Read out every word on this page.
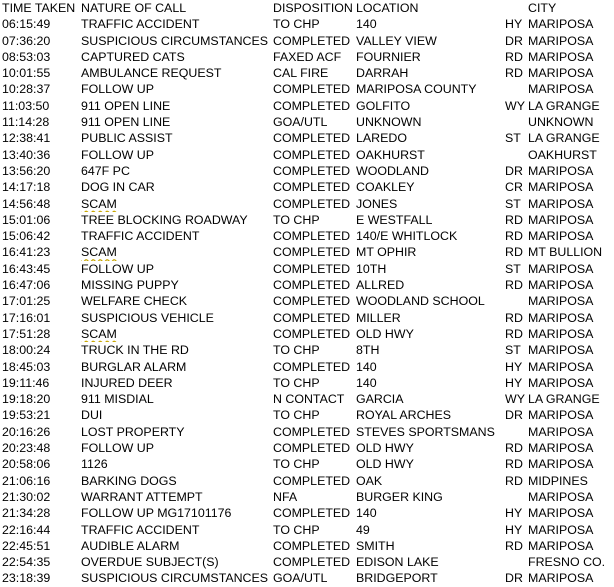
TIME TAKEN	NATURE OF CALL	DISPOSITION	LOCATION		CITY
06:15:49	TRAFFIC ACCIDENT	TO CHP	140	HY	MARIPOSA
07:36:20	SUSPICIOUS CIRCUMSTANCES	COMPLETED	VALLEY VIEW	DR	MARIPOSA
08:53:03	CAPTURED CATS	FAXED ACF	FOURNIER	RD	MARIPOSA
10:01:55	AMBULANCE REQUEST	CAL FIRE	DARRAH	RD	MARIPOSA
10:28:37	FOLLOW UP	COMPLETED	MARIPOSA COUNTY		MARIPOSA
11:03:50	911 OPEN LINE	COMPLETED	GOLFITO	WY	LA GRANGE
11:14:28	911 OPEN LINE	GOA/UTL	UNKNOWN		UNKNOWN
12:38:41	PUBLIC ASSIST	COMPLETED	LAREDO	ST	LA GRANGE
13:40:36	FOLLOW UP	COMPLETED	OAKHURST		OAKHURST
13:56:20	647F PC	COMPLETED	WOODLAND	DR	MARIPOSA
14:17:18	DOG IN CAR	COMPLETED	COAKLEY	CR	MARIPOSA
14:56:48	SCAM	COMPLETED	JONES	ST	MARIPOSA
15:01:06	TREE BLOCKING ROADWAY	TO CHP	E WESTFALL	RD	MARIPOSA
15:06:42	TRAFFIC ACCIDENT	COMPLETED	140/E WHITLOCK	RD	MARIPOSA
16:41:23	SCAM	COMPLETED	MT OPHIR	RD	MT BULLION
16:43:45	FOLLOW UP	COMPLETED	10TH	ST	MARIPOSA
16:47:06	MISSING PUPPY	COMPLETED	ALLRED	RD	MARIPOSA
17:01:25	WELFARE CHECK	COMPLETED	WOODLAND SCHOOL		MARIPOSA
17:16:01	SUSPICIOUS VEHICLE	COMPLETED	MILLER	RD	MARIPOSA
17:51:28	SCAM	COMPLETED	OLD HWY	RD	MARIPOSA
18:00:24	TRUCK IN THE RD	TO CHP	8TH	ST	MARIPOSA
18:45:03	BURGLAR ALARM	COMPLETED	140	HY	MARIPOSA
19:11:46	INJURED DEER	TO CHP	140	HY	MARIPOSA
19:18:20	911 MISDIAL	N CONTACT	GARCIA	WY	LA GRANGE
19:53:21	DUI	TO CHP	ROYAL ARCHES	DR	MARIPOSA
20:16:26	LOST PROPERTY	COMPLETED	STEVES SPORTSMANS		MARIPOSA
20:23:48	FOLLOW UP	COMPLETED	OLD HWY	RD	MARIPOSA
20:58:06	1126	TO CHP	OLD HWY	RD	MARIPOSA
21:06:16	BARKING DOGS	COMPLETED	OAK	RD	MIDPINES
21:30:02	WARRANT ATTEMPT	NFA	BURGER KING		MARIPOSA
21:34:28	FOLLOW UP MG17101176	COMPLETED	140	HY	MARIPOSA
22:16:44	TRAFFIC ACCIDENT	TO CHP	49	HY	MARIPOSA
22:45:51	AUDIBLE ALARM	COMPLETED	SMITH	RD	MARIPOSA
22:54:35	OVERDUE SUBJECT(S)	COMPLETED	EDISON LAKE		FRESNO CO.
23:18:39	SUSPICIOUS CIRCUMSTANCES	GOA/UTL	BRIDGEPORT	DR	MARIPOSA
